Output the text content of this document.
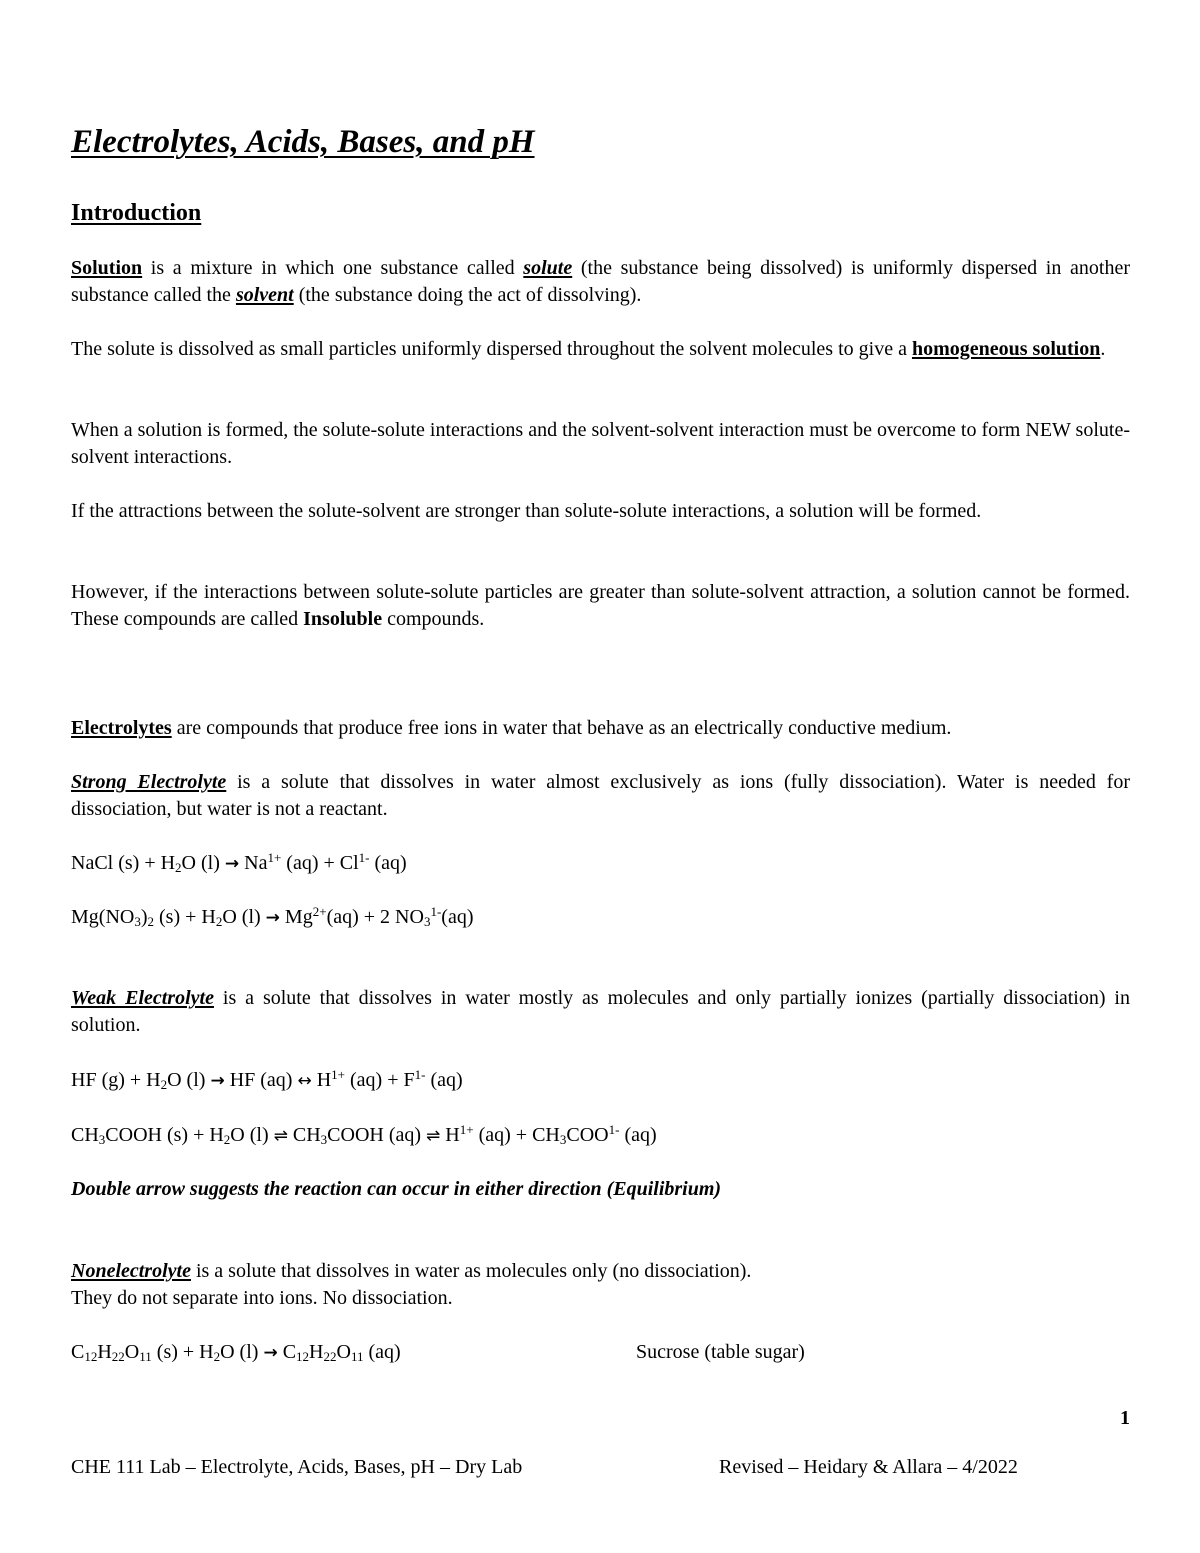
Electrolytes, Acids, Bases, and pH
Introduction
Solution is a mixture in which one substance called solute (the substance being dissolved) is uniformly dispersed in another substance called the solvent (the substance doing the act of dissolving).
The solute is dissolved as small particles uniformly dispersed throughout the solvent molecules to give a homogeneous solution.
When a solution is formed, the solute-solute interactions and the solvent-solvent interaction must be overcome to form NEW solute-solvent interactions.
If the attractions between the solute-solvent are stronger than solute-solute interactions, a solution will be formed.
However, if the interactions between solute-solute particles are greater than solute-solvent attraction, a solution cannot be formed. These compounds are called Insoluble compounds.
Electrolytes are compounds that produce free ions in water that behave as an electrically conductive medium.
Strong Electrolyte is a solute that dissolves in water almost exclusively as ions (fully dissociation). Water is needed for dissociation, but water is not a reactant.
NaCl $(s) + H_2O$ $(l) \to Na^{1+}$ $(aq) + Cl^{1-}$ (aq)
$Mg(NO_3)_2$ $(s) + H_2O$ $(l) \to Mg^{2+}(aq) + 2$ $NO_3^{1-}(aq)$
Weak Electrolyte is a solute that dissolves in water mostly as molecules and only partially ionizes (partially dissociation) in solution.
HF $(g) + H_2O$ (l) → HF (aq) ↔ $H^{1+}$ $(aq) + F^{1-}$ (aq)
$CH_3COOH$ $(s) + H_2O$ (l) ⇌ $CH_3COOH$ (aq) ⇌ $H^{1+}$ $(aq) + CH_3COO^{1-}$ (aq)
Double arrow suggests the reaction can occur in either direction (Equilibrium)
Nonelectrolyte is a solute that dissolves in water as molecules only (no dissociation).
They do not separate into ions. No dissociation.
$C_{12}H_{22}O_{11}$ $(s) + H_2O$ $(l) \to C_{12}H_{22}O_{11}$ (aq)	Sucrose (table sugar)
1
CHE 111 Lab – Electrolyte, Acids, Bases, pH – Dry Lab	Revised – Heidary & Allara – 4/2022
